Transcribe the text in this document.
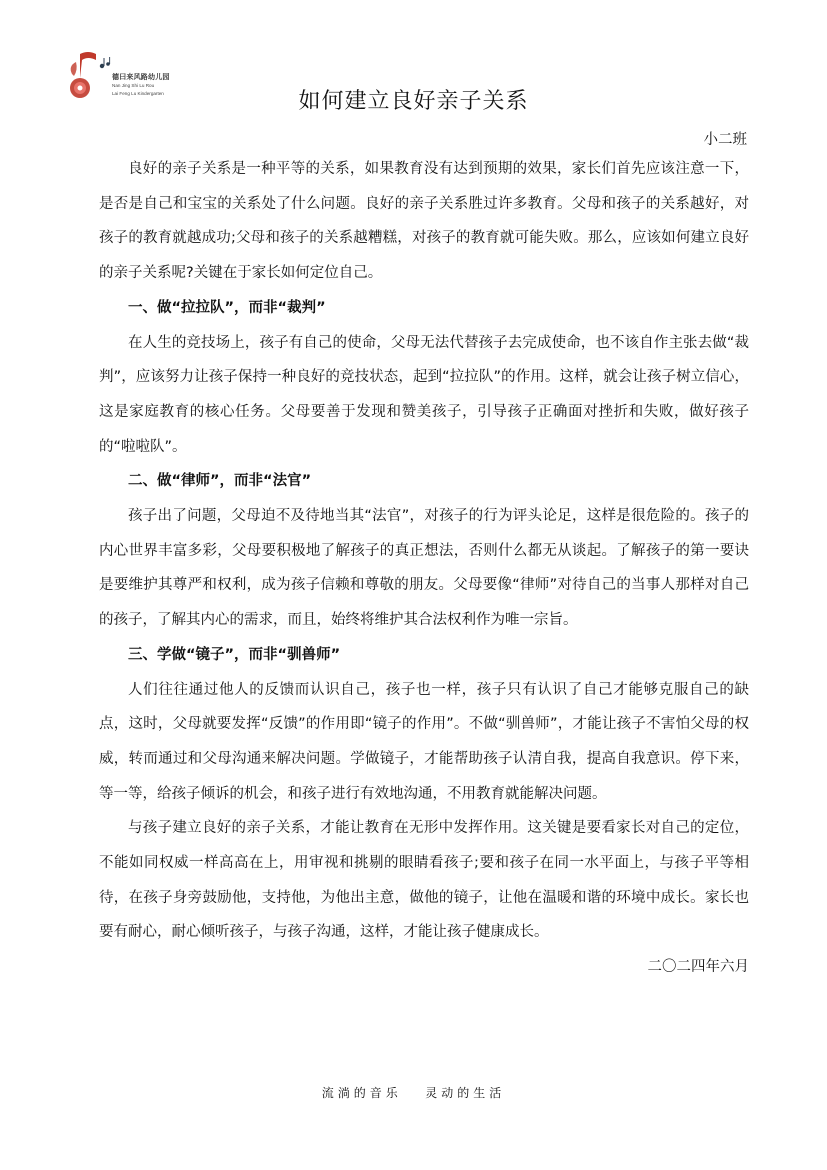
德曰来风路幼儿园
Nan Jing Shi Lu Rou
Lai Feng Lu Kindergarten	如何建立良好亲子关系

小二班

良好的亲子关系是一种平等的关系，如果教育没有达到预期的效果，家长们首先应该注意一下，是否是自己和宝宝的关系处了什么问题。良好的亲子关系胜过许多教育。父母和孩子的关系越好，对孩子的教育就越成功;父母和孩子的关系越糟糕，对孩子的教育就可能失败。那么，应该如何建立良好的亲子关系呢?关键在于家长如何定位自己。

一、做“拉拉队”，而非“裁判”

在人生的竞技场上，孩子有自己的使命，父母无法代替孩子去完成使命，也不该自作主张去做“裁判”，应该努力让孩子保持一种良好的竞技状态，起到“拉拉队”的作用。这样，就会让孩子树立信心，这是家庭教育的核心任务。父母要善于发现和赞美孩子，引导孩子正确面对挫折和失败，做好孩子的“啦啦队”。

二、做“律师”，而非“法官”

孩子出了问题，父母迫不及待地当其“法官”，对孩子的行为评头论足，这样是很危险的。孩子的内心世界丰富多彩，父母要积极地了解孩子的真正想法，否则什么都无从谈起。了解孩子的第一要诀是要维护其尊严和权利，成为孩子信赖和尊敬的朋友。父母要像“律师”对待自己的当事人那样对自己的孩子，了解其内心的需求，而且，始终将维护其合法权利作为唯一宗旨。

三、学做“镜子”，而非“驯兽师”

人们往往通过他人的反馈而认识自己，孩子也一样，孩子只有认识了自己才能够克服自己的缺点，这时，父母就要发挥“反馈”的作用即“镜子的作用”。不做“驯兽师”，才能让孩子不害怕父母的权威，转而通过和父母沟通来解决问题。学做镜子，才能帮助孩子认清自我，提高自我意识。停下来，等一等，给孩子倾诉的机会，和孩子进行有效地沟通，不用教育就能解决问题。

与孩子建立良好的亲子关系，才能让教育在无形中发挥作用。这关键是要看家长对自己的定位，不能如同权威一样高高在上，用审视和挑剔的眼睛看孩子;要和孩子在同一水平面上，与孩子平等相待，在孩子身旁鼓励他，支持他，为他出主意，做他的镜子，让他在温暖和谐的环境中成长。家长也要有耐心，耐心倾听孩子，与孩子沟通，这样，才能让孩子健康成长。

二〇二四年六月

流淌的音乐   灵动的生活
